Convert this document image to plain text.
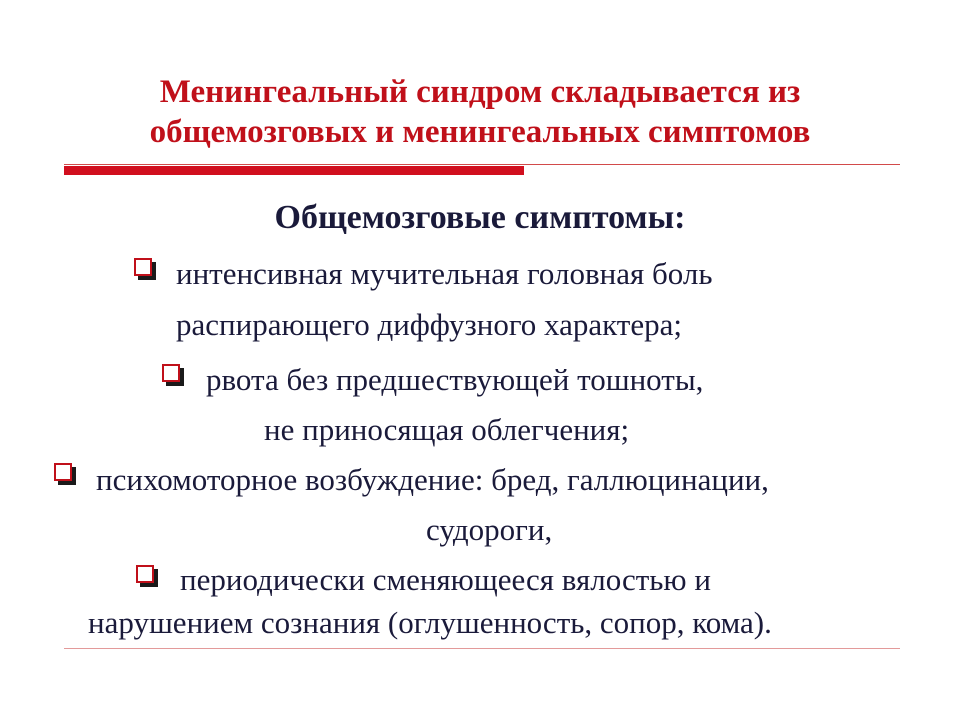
Менингеальный синдром складывается из
общемозговых и менингеальных симптомов
Общемозговые симптомы:
интенсивная мучительная головная боль
распирающего диффузного характера;
рвота без предшествующей тошноты,
не приносящая облегчения;
психомоторное возбуждение: бред, галлюцинации,
судороги,
периодически сменяющееся вялостью и
нарушением сознания (оглушенность, сопор, кома).
